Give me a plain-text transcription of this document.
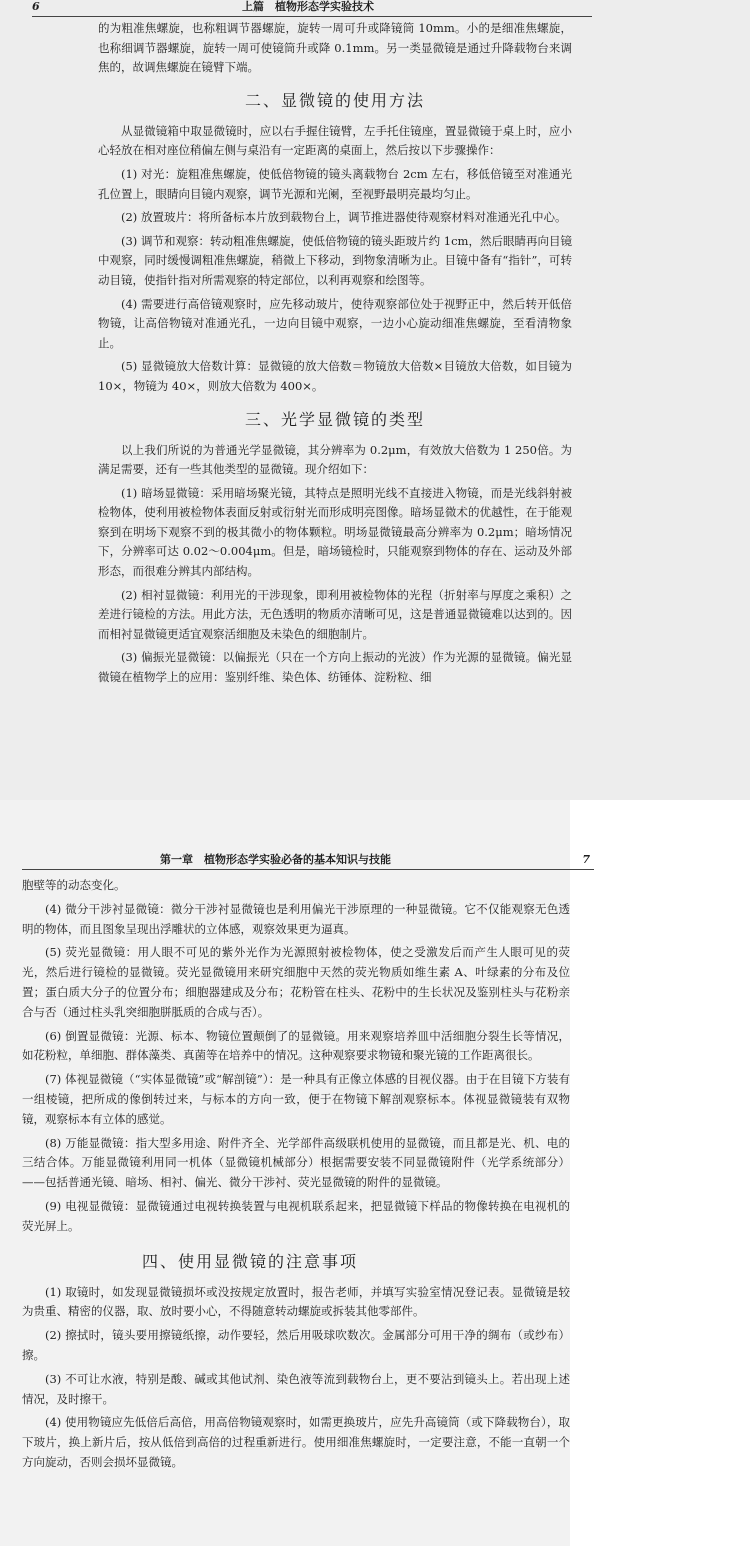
6	上篇　植物形态学实验技术

的为粗准焦螺旋，也称粗调节器螺旋，旋转一周可升或降镜筒 10mm。小的是细准焦螺旋，也称细调节器螺旋，旋转一周可使镜筒升或降 0.1mm。另一类显微镜是通过升降载物台来调焦的，故调焦螺旋在镜臂下端。

二、显微镜的使用方法

从显微镜箱中取显微镜时，应以右手握住镜臂，左手托住镜座，置显微镜于桌上时，应小心轻放在相对座位稍偏左侧与桌沿有一定距离的桌面上，然后按以下步骤操作：

(1) 对光：旋粗准焦螺旋，使低倍物镜的镜头离载物台 2cm 左右，移低倍镜至对准通光孔位置上，眼睛向目镜内观察，调节光源和光阑，至视野最明亮最均匀止。

(2) 放置玻片：将所备标本片放到载物台上，调节推进器使待观察材料对准通光孔中心。

(3) 调节和观察：转动粗准焦螺旋，使低倍物镜的镜头距玻片约 1cm，然后眼睛再向目镜中观察，同时缓慢调粗准焦螺旋，稍微上下移动，到物象清晰为止。目镜中备有“指针”，可转动目镜，使指针指对所需观察的特定部位，以利再观察和绘图等。

(4) 需要进行高倍镜观察时，应先移动玻片，使待观察部位处于视野正中，然后转开低倍物镜，让高倍物镜对准通光孔，一边向目镜中观察，一边小心旋动细准焦螺旋，至看清物象止。

(5) 显微镜放大倍数计算：显微镜的放大倍数＝物镜放大倍数×目镜放大倍数，如目镜为 10×，物镜为 40×，则放大倍数为 400×。

三、光学显微镜的类型

以上我们所说的为普通光学显微镜，其分辨率为 0.2μm，有效放大倍数为 1 250倍。为满足需要，还有一些其他类型的显微镜。现介绍如下：

(1) 暗场显微镜：采用暗场聚光镜，其特点是照明光线不直接进入物镜，而是光线斜射被检物体，使利用被检物体表面反射或衍射光而形成明亮图像。暗场显微术的优越性，在于能观察到在明场下观察不到的极其微小的物体颗粒。明场显微镜最高分辨率为 0.2μm；暗场情况下，分辨率可达 0.02～0.004μm。但是，暗场镜检时，只能观察到物体的存在、运动及外部形态，而很难分辨其内部结构。

(2) 相衬显微镜：利用光的干涉现象，即利用被检物体的光程（折射率与厚度之乘积）之差进行镜检的方法。用此方法，无色透明的物质亦清晰可见，这是普通显微镜难以达到的。因而相衬显微镜更适宜观察活细胞及未染色的细胞制片。

(3) 偏振光显微镜：以偏振光（只在一个方向上振动的光波）作为光源的显微镜。偏光显微镜在植物学上的应用：鉴别纤维、染色体、纺锤体、淀粉粒、细

第一章　植物形态学实验必备的基本知识与技能	7

胞壁等的动态变化。

(4) 微分干涉衬显微镜：微分干涉衬显微镜也是利用偏光干涉原理的一种显微镜。它不仅能观察无色透明的物体，而且图象呈现出浮雕状的立体感，观察效果更为逼真。

(5) 荧光显微镜：用人眼不可见的紫外光作为光源照射被检物体，使之受激发后而产生人眼可见的荧光，然后进行镜检的显微镜。荧光显微镜用来研究细胞中天然的荧光物质如维生素 A、叶绿素的分布及位置；蛋白质大分子的位置分布；细胞器建成及分布；花粉管在柱头、花粉中的生长状况及鉴别柱头与花粉亲合与否（通过柱头乳突细胞胼胝质的合成与否）。

(6) 倒置显微镜：光源、标本、物镜位置颠倒了的显微镜。用来观察培养皿中活细胞分裂生长等情况，如花粉粒，单细胞、群体藻类、真菌等在培养中的情况。这种观察要求物镜和聚光镜的工作距离很长。

(7) 体视显微镜（“实体显微镜”或“解剖镜”）：是一种具有正像立体感的目视仪器。由于在目镜下方装有一组棱镜，把所成的像倒转过来，与标本的方向一致，便于在物镜下解剖观察标本。体视显微镜装有双物镜，观察标本有立体的感觉。

(8) 万能显微镜：指大型多用途、附件齐全、光学部件高级联机使用的显微镜，而且都是光、机、电的三结合体。万能显微镜利用同一机体（显微镜机械部分）根据需要安装不同显微镜附件（光学系统部分）——包括普通光镜、暗场、相衬、偏光、微分干涉衬、荧光显微镜的附件的显微镜。

(9) 电视显微镜：显微镜通过电视转换装置与电视机联系起来，把显微镜下样品的物像转换在电视机的荧光屏上。

四、使用显微镜的注意事项

(1) 取镜时，如发现显微镜损坏或没按规定放置时，报告老师，并填写实验室情况登记表。显微镜是较为贵重、精密的仪器，取、放时要小心，不得随意转动螺旋或拆装其他零部件。

(2) 擦拭时，镜头要用擦镜纸擦，动作要轻，然后用吸球吹数次。金属部分可用干净的绸布（或纱布）擦。

(3) 不可让水液，特别是酸、碱或其他试剂、染色液等流到载物台上，更不要沾到镜头上。若出现上述情况，及时擦干。

(4) 使用物镜应先低倍后高倍，用高倍物镜观察时，如需更换玻片，应先升高镜筒（或下降载物台），取下玻片，换上新片后，按从低倍到高倍的过程重新进行。使用细准焦螺旋时，一定要注意，不能一直朝一个方向旋动，否则会损坏显微镜。
